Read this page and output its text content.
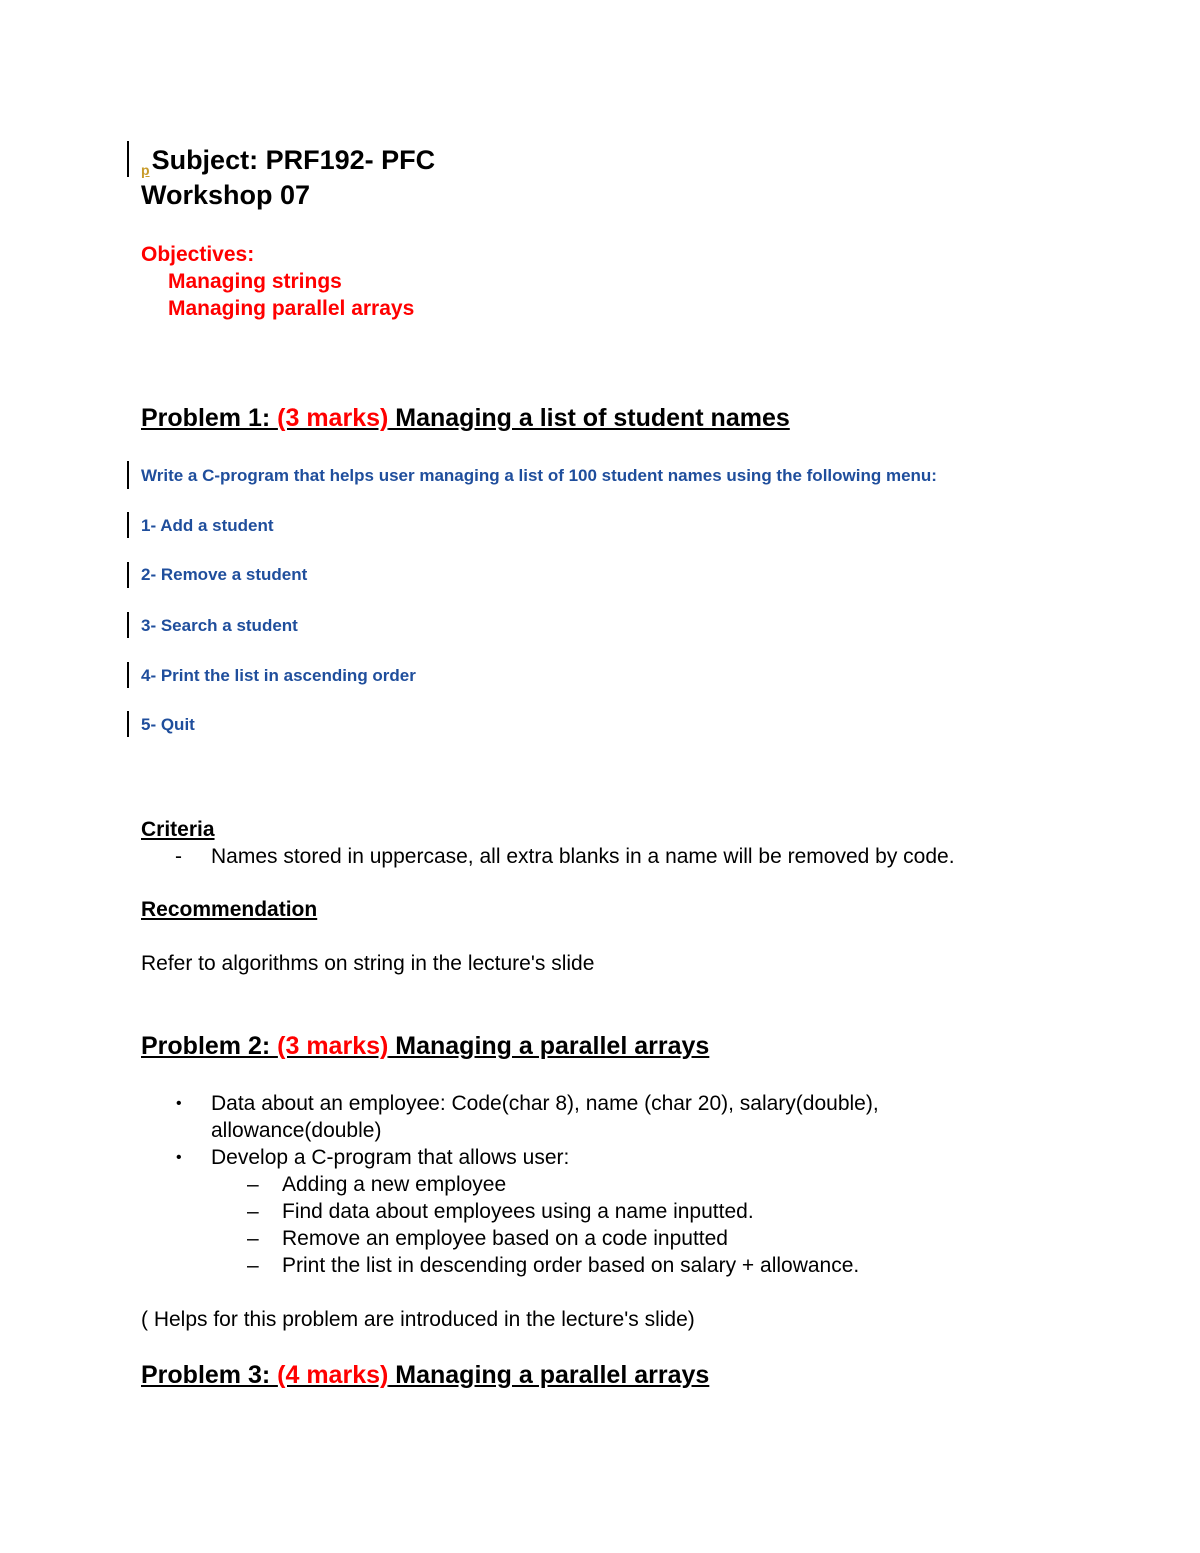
$_p$Subject: PRF192- PFC
Workshop 07
Objectives:
Managing strings
Managing parallel arrays
Problem 1: (3 marks) Managing a list of student names
Write a C-program that helps user managing a list of 100 student names using the following menu:
1- Add a student
2- Remove a student
3- Search a student
4- Print the list in ascending order
5- Quit
Criteria
- Names stored in uppercase, all extra blanks in a name will be removed by code.
Recommendation
Refer to algorithms on string in the lecture's slide
Problem 2: (3 marks) Managing a parallel arrays
• Data about an employee: Code(char 8), name (char 20), salary(double),
allowance(double)
• Develop a C-program that allows user:
– Adding a new employee
– Find data about employees using a name inputted.
– Remove an employee based on a code inputted
– Print the list in descending order based on salary + allowance.
( Helps for this problem are introduced in the lecture's slide)
Problem 3: (4 marks) Managing a parallel arrays
